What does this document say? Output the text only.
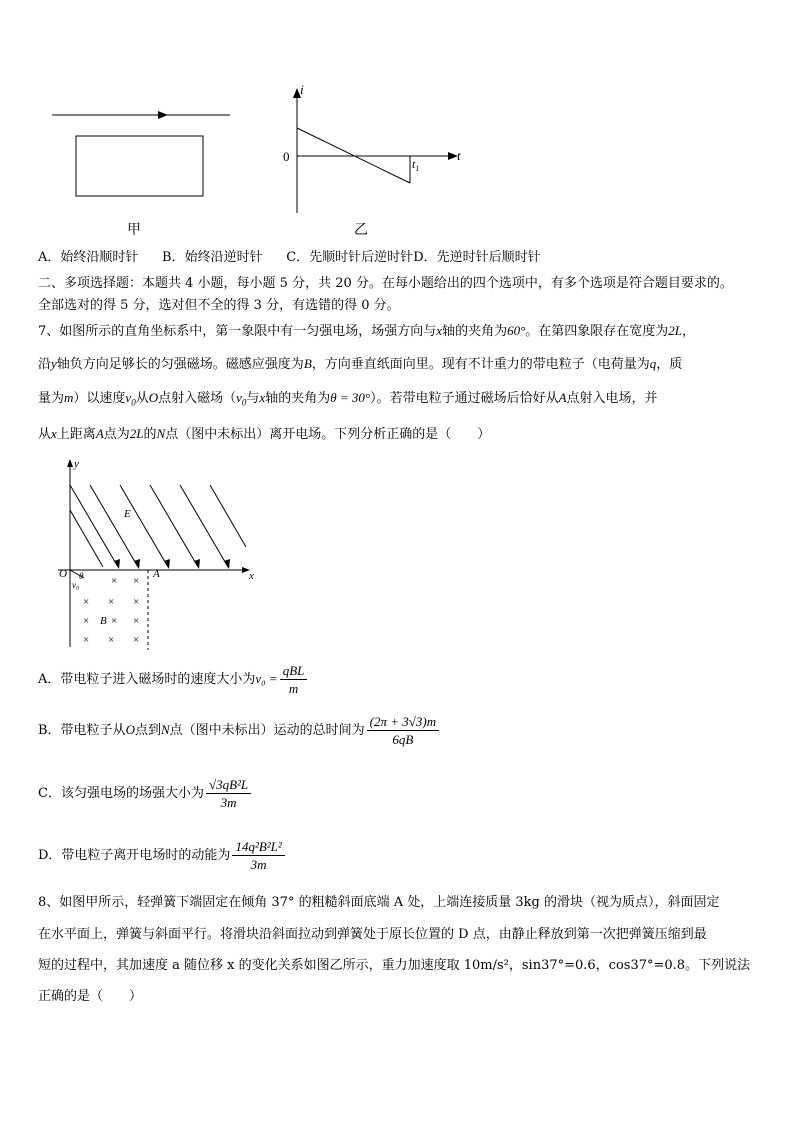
甲
i
t
0	$t_1$
乙
A．始终沿顺时针　  B．始终沿逆时针　  C．先顺时针后逆时针D．先逆时针后顺时针
二、多项选择题：本题共 4 小题，每小题 5 分，共 20 分。在每小题给出的四个选项中，有多个选项是符合题目要求的。
全部选对的得 5 分，选对但不全的得 3 分，有选错的得 0 分。
7、如图所示的直角坐标系中，第一象限中有一匀强电场，场强方向与x轴的夹角为60°。在第四象限存在宽度为2L，
沿y轴负方向足够长的匀强磁场。磁感应强度为B，方向垂直纸面向里。现有不计重力的带电粒子（电荷量为q，质
量为m）以速度$v_0$从O点射入磁场（$v_0$与x轴的夹角为θ = 30°）。若带电粒子通过磁场后恰好从A点射入电场，并
从x上距离A点为2L的N点（图中未标出）离开电场。下列分析正确的是（　　）
y
x
E
O	A
θ
v₀
B
× ×
× × ×
× × ×
× × ×
A．带电粒子进入磁场时的速度大小为$v_0 = \frac{\text{qBL}}{m}$
B．带电粒子从O点到N点（图中未标出）运动的总时间为 $\frac{(2\pi + 3√3)m}{6qB}$
C．该匀强电场的场强大小为 $\frac{\text{√3qB²L}}{3m}$
D．带电粒子离开电场时的动能为 $\frac{\text{14q²B²L²}}{3m}$
8、如图甲所示，轻弹簧下端固定在倾角 37° 的粗糙斜面底端 A 处，上端连接质量 3kg 的滑块（视为质点），斜面固定
在水平面上，弹簧与斜面平行。将滑块沿斜面拉动到弹簧处于原长位置的 D 点，由静止释放到第一次把弹簧压缩到最
短的过程中，其加速度 a 随位移 x 的变化关系如图乙所示，重力加速度取 10m/s²，sin37°=0.6，cos37°=0.8。下列说法
正确的是（　　）
